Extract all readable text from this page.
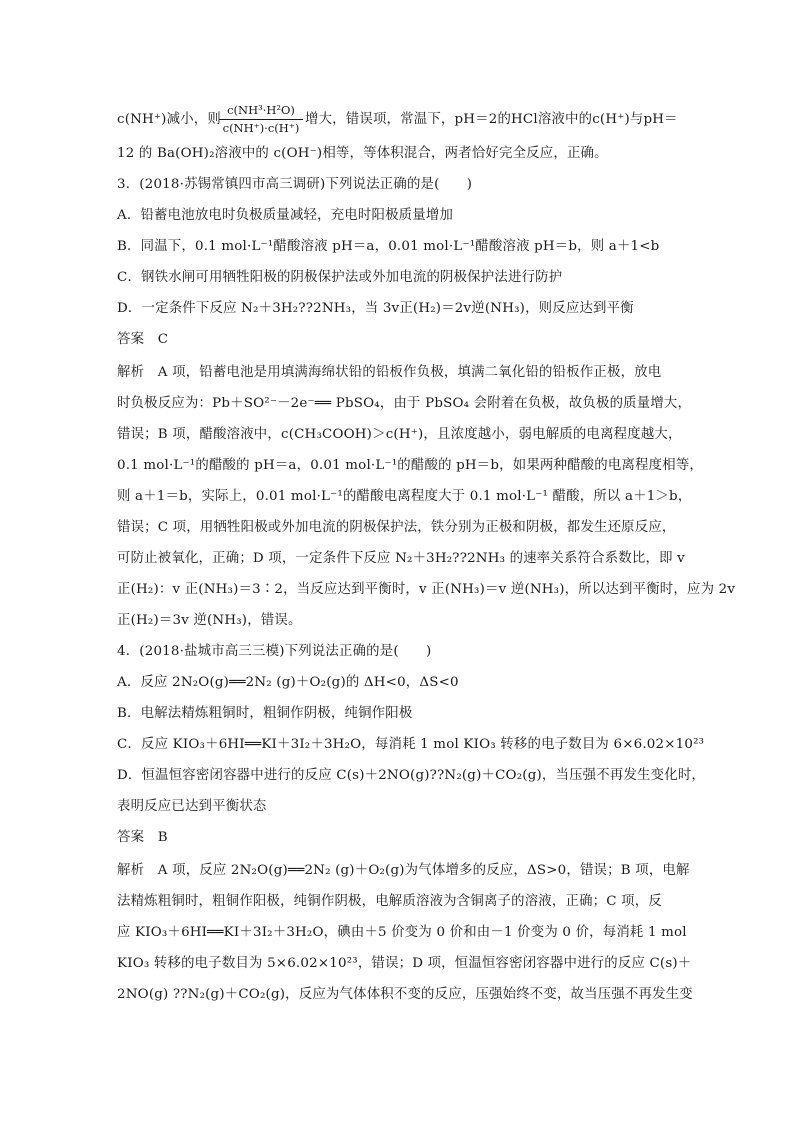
c(NH³·H²O)
c(NH⁺)·c(H⁺)
c(NH⁺)减小，则	增大，错误项，常温下，pH＝2的HCl溶液中的c(H⁺)与pH＝
12 的 Ba(OH)₂溶液中的 c(OH⁻)相等，等体积混合，两者恰好完全反应，正确。
3．(2018·苏锡常镇四市高三调研)下列说法正确的是(　　)
A．铅蓄电池放电时负极质量减轻，充电时阳极质量增加
B．同温下，0.1 mol·L⁻¹醋酸溶液 pH＝a，0.01 mol·L⁻¹醋酸溶液 pH＝b，则 a＋1<b
C．钢铁水闸可用牺牲阳极的阴极保护法或外加电流的阴极保护法进行防护
D．一定条件下反应 N₂＋3H₂??2NH₃，当 3v正(H₂)＝2v逆(NH₃)，则反应达到平衡
答案　C
解析　A 项，铅蓄电池是用填满海绵状铅的铅板作负极，填满二氧化铅的铅板作正极，放电
时负极反应为：Pb＋SO²⁻－2e⁻══ PbSO₄，由于 PbSO₄ 会附着在负极，故负极的质量增大，
错误；B 项，醋酸溶液中，c(CH₃COOH)＞c(H⁺)，且浓度越小，弱电解质的电离程度越大，
0.1 mol·L⁻¹的醋酸的 pH＝a，0.01 mol·L⁻¹的醋酸的 pH＝b，如果两种醋酸的电离程度相等，
则 a＋1＝b，实际上，0.01 mol·L⁻¹的醋酸电离程度大于 0.1 mol·L⁻¹ 醋酸，所以 a＋1＞b，
错误；C 项，用牺牲阳极或外加电流的阴极保护法，铁分别为正极和阴极，都发生还原反应，
可防止被氧化，正确；D 项，一定条件下反应 N₂＋3H₂??2NH₃ 的速率关系符合系数比，即 v
正(H₂)：v 正(NH₃)＝3∶2，当反应达到平衡时，v 正(NH₃)＝v 逆(NH₃)，所以达到平衡时，应为 2v
正(H₂)＝3v 逆(NH₃)，错误。
4．(2018·盐城市高三三模)下列说法正确的是(　　)
A．反应 2N₂O(g)══2N₂ (g)＋O₂(g)的 ΔH<0，ΔS<0
B．电解法精炼粗铜时，粗铜作阴极，纯铜作阳极
C．反应 KIO₃＋6HI══KI＋3I₂＋3H₂O，每消耗 1 mol KIO₃ 转移的电子数目为 6×6.02×10²³
D．恒温恒容密闭容器中进行的反应 C(s)＋2NO(g)??N₂(g)＋CO₂(g)，当压强不再发生变化时，
表明反应已达到平衡状态
答案　B
解析　A 项，反应 2N₂O(g)══2N₂ (g)＋O₂(g)为气体增多的反应，ΔS>0，错误；B 项，电解
法精炼粗铜时，粗铜作阳极，纯铜作阴极，电解质溶液为含铜离子的溶液，正确；C 项，反
应 KIO₃＋6HI══KI＋3I₂＋3H₂O，碘由＋5 价变为 0 价和由－1 价变为 0 价，每消耗 1 mol
KIO₃ 转移的电子数目为 5×6.02×10²³，错误；D 项，恒温恒容密闭容器中进行的反应 C(s)＋
2NO(g) ??N₂(g)＋CO₂(g)，反应为气体体积不变的反应，压强始终不变，故当压强不再发生变
